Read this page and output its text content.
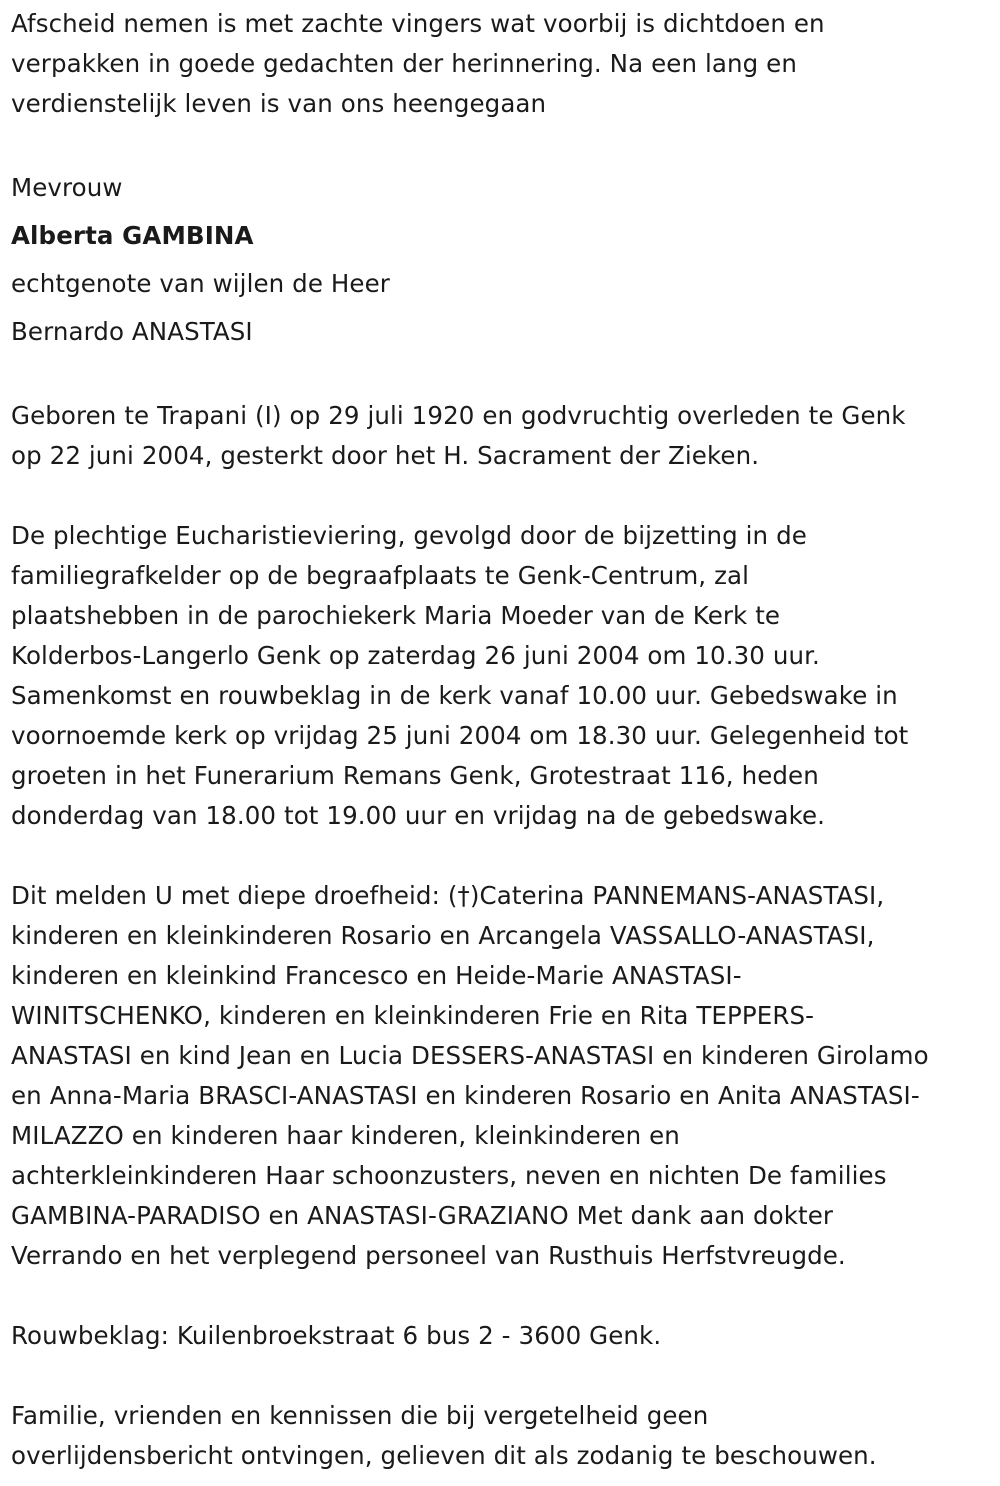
Afscheid nemen is met zachte vingers wat voorbij is dichtdoen en

verpakken in goede gedachten der herinnering. Na een lang en

verdienstelijk leven is van ons heengegaan

Mevrouw

Alberta GAMBINA

echtgenote van wijlen de Heer

Bernardo ANASTASI

Geboren te Trapani (I) op 29 juli 1920 en godvruchtig overleden te Genk

op 22 juni 2004, gesterkt door het H. Sacrament der Zieken.

De plechtige Eucharistieviering, gevolgd door de bijzetting in de

familiegrafkelder op de begraafplaats te Genk-Centrum, zal

plaatshebben in de parochiekerk Maria Moeder van de Kerk te

Kolderbos-Langerlo Genk op zaterdag 26 juni 2004 om 10.30 uur.

Samenkomst en rouwbeklag in de kerk vanaf 10.00 uur. Gebedswake in

voornoemde kerk op vrijdag 25 juni 2004 om 18.30 uur. Gelegenheid tot

groeten in het Funerarium Remans Genk, Grotestraat 116, heden

donderdag van 18.00 tot 19.00 uur en vrijdag na de gebedswake.

Dit melden U met diepe droefheid: (†)Caterina PANNEMANS-ANASTASI,

kinderen en kleinkinderen Rosario en Arcangela VASSALLO-ANASTASI,

kinderen en kleinkind Francesco en Heide-Marie ANASTASI-

WINITSCHENKO, kinderen en kleinkinderen Frie en Rita TEPPERS-

ANASTASI en kind Jean en Lucia DESSERS-ANASTASI en kinderen Girolamo

en Anna-Maria BRASCI-ANASTASI en kinderen Rosario en Anita ANASTASI-

MILAZZO en kinderen haar kinderen, kleinkinderen en

achterkleinkinderen Haar schoonzusters, neven en nichten De families

GAMBINA-PARADISO en ANASTASI-GRAZIANO Met dank aan dokter

Verrando en het verplegend personeel van Rusthuis Herfstvreugde.

Rouwbeklag: Kuilenbroekstraat 6 bus 2 - 3600 Genk.

Familie, vrienden en kennissen die bij vergetelheid geen

overlijdensbericht ontvingen, gelieven dit als zodanig te beschouwen.
